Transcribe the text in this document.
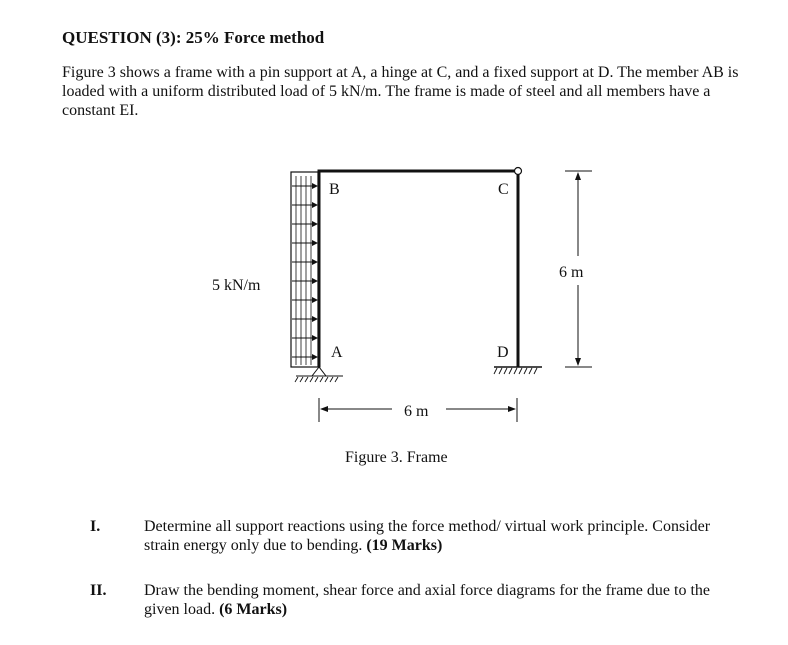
QUESTION (3): 25% Force method
Figure 3 shows a frame with a pin support at A, a hinge at C, and a fixed support at D. The member AB is loaded with a uniform distributed load of 5 kN/m. The frame is made of steel and all members have a constant EI.
5 kN/m
B
A
C
D
6 m
6 m
Figure 3. Frame
I.	Determine all support reactions using the force method/ virtual work principle. Consider strain energy only due to bending. (19 Marks)
II. Draw the bending moment, shear force and axial force diagrams for the frame due to the given load. (6 Marks)
